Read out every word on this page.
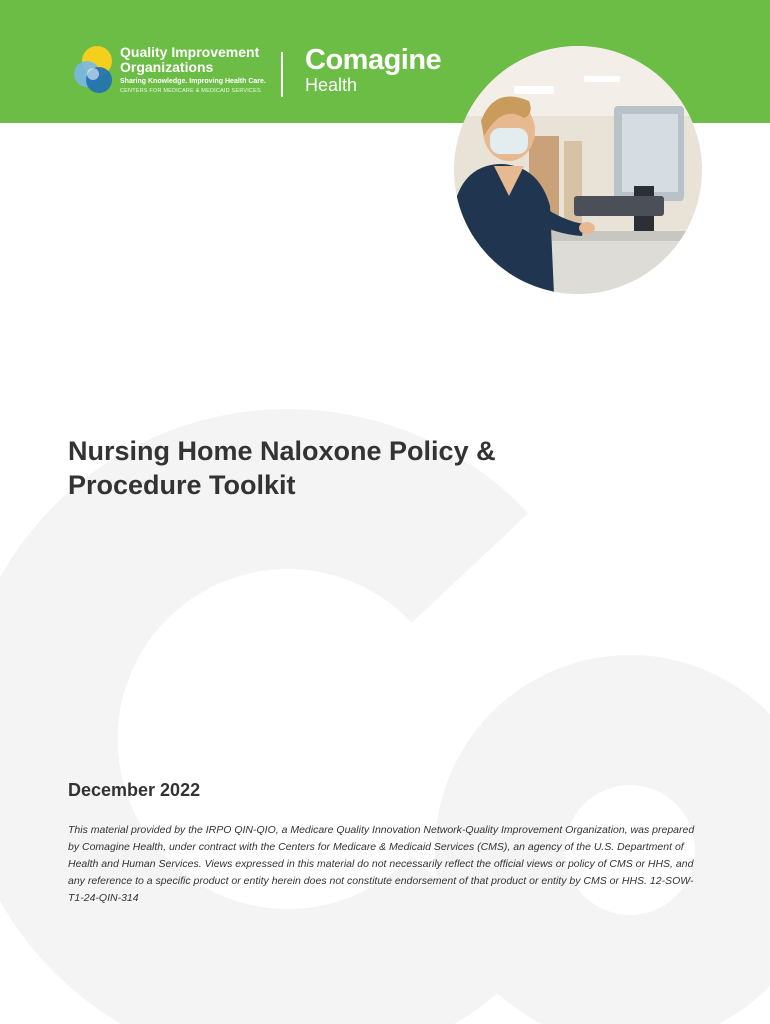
Quality Improvement
Organizations
Sharing Knowledge. Improving Health Care.
CENTERS FOR MEDICARE & MEDICAID SERVICES
Comagine
Health
Nursing Home Naloxone Policy & Procedure Toolkit
December 2022

This material provided by the IRPO QIN-QIO, a Medicare Quality Innovation Network-Quality Improvement Organization, was prepared by Comagine Health, under contract with the Centers for Medicare & Medicaid Services (CMS), an agency of the U.S. Department of Health and Human Services. Views expressed in this material do not necessarily reflect the official views or policy of CMS or HHS, and any reference to a specific product or entity herein does not constitute endorsement of that product or entity by CMS or HHS. 12-SOW-T1-24-QIN-314
